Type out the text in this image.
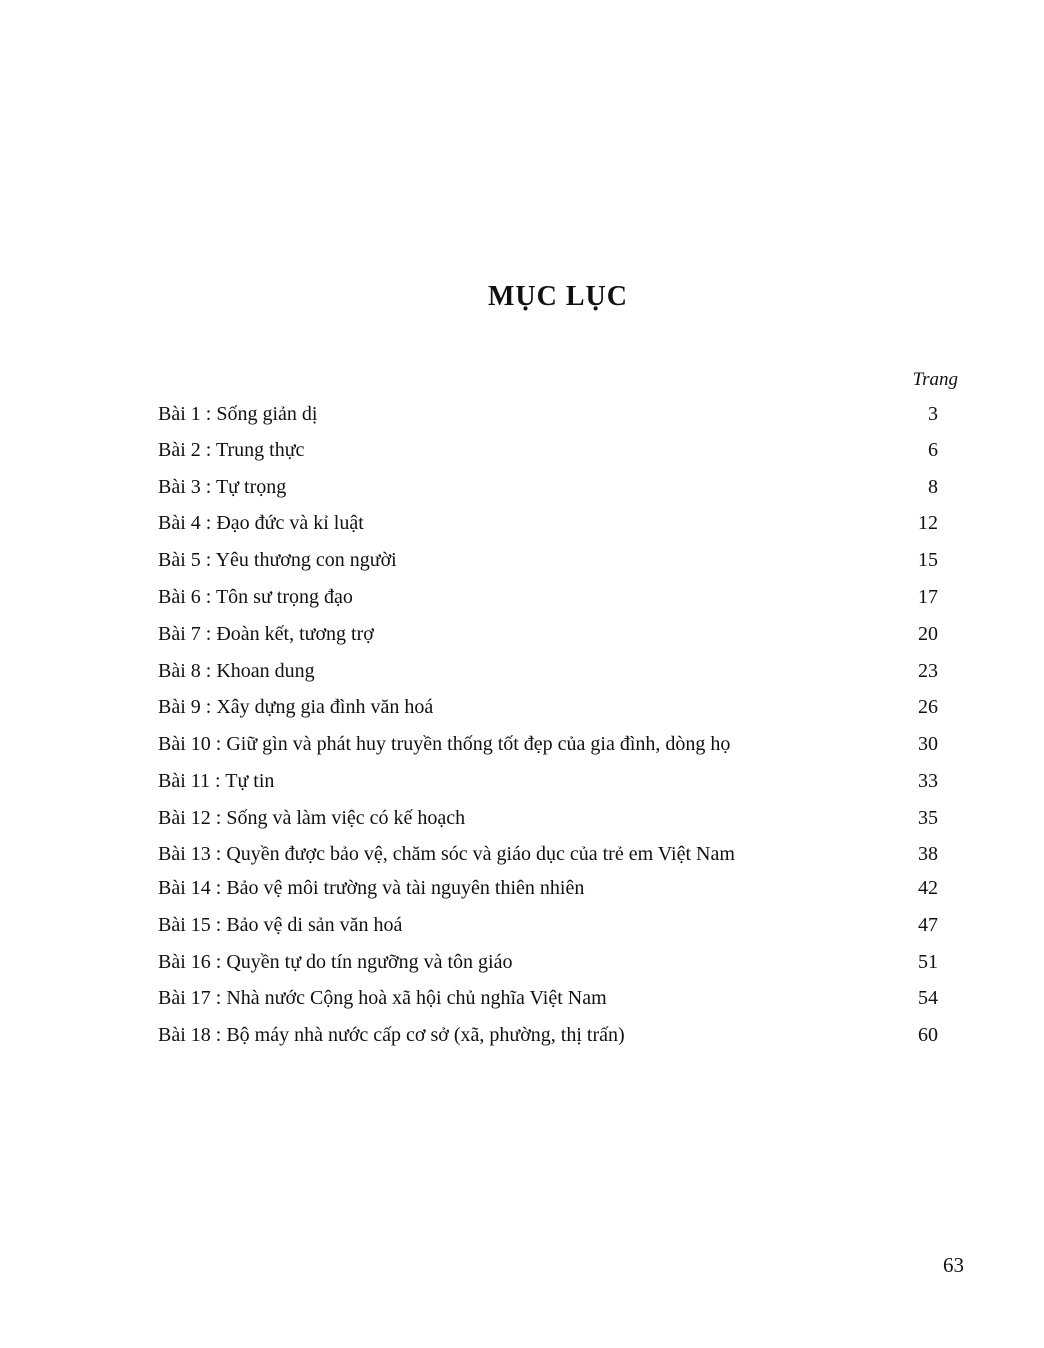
MỤC LỤC
Trang
Bài 1 : Sống giản dị	3
Bài 2 : Trung thực	6
Bài 3 : Tự trọng	8
Bài 4 : Đạo đức và kỉ luật	12
Bài 5 : Yêu thương con người	15
Bài 6 : Tôn sư trọng đạo	17
Bài 7 : Đoàn kết, tương trợ	20
Bài 8 : Khoan dung	23
Bài 9 : Xây dựng gia đình văn hoá	26
Bài 10 : Giữ gìn và phát huy truyền thống tốt đẹp của gia đình, dòng họ	30
Bài 11 : Tự tin	33
Bài 12 : Sống và làm việc có kế hoạch	35
Bài 13 : Quyền được bảo vệ, chăm sóc và giáo dục của trẻ em Việt Nam	38
Bài 14 : Bảo vệ môi trường và tài nguyên thiên nhiên	42
Bài 15 : Bảo vệ di sản văn hoá	47
Bài 16 : Quyền tự do tín ngưỡng và tôn giáo	51
Bài 17 : Nhà nước Cộng hoà xã hội chủ nghĩa Việt Nam	54
Bài 18 : Bộ máy nhà nước cấp cơ sở (xã, phường, thị trấn)	60
63
